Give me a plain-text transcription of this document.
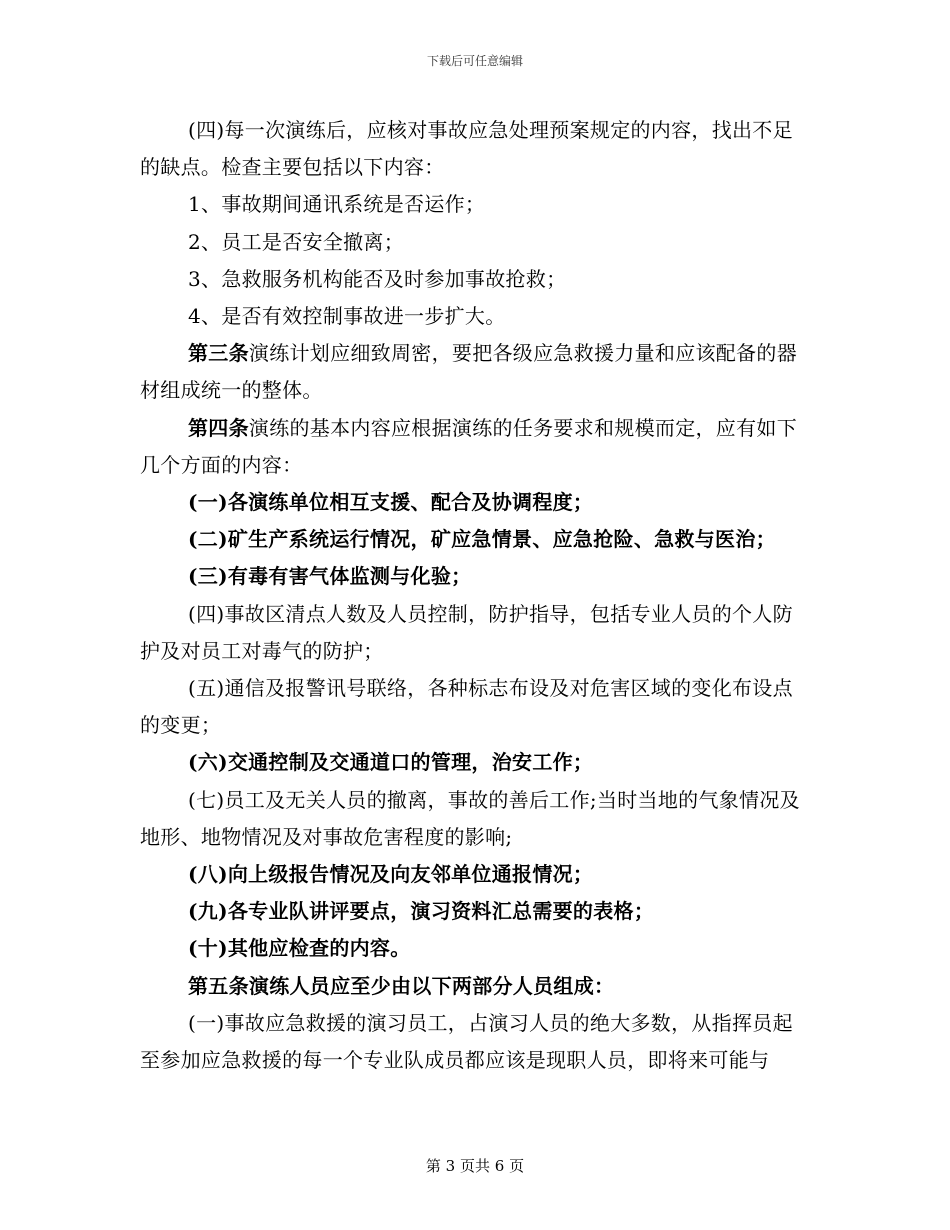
下载后可任意编辑

(四)每一次演练后，应核对事故应急处理预案规定的内容，找出不足的缺点。检查主要包括以下内容：

1、事故期间通讯系统是否运作；

2、员工是否安全撤离；

3、急救服务机构能否及时参加事故抢救；

4、是否有效控制事故进一步扩大。

第三条演练计划应细致周密，要把各级应急救援力量和应该配备的器材组成统一的整体。

第四条演练的基本内容应根据演练的任务要求和规模而定，应有如下几个方面的内容：

(一)各演练单位相互支援、配合及协调程度；

(二)矿生产系统运行情况，矿应急情景、应急抢险、急救与医治；

(三)有毒有害气体监测与化验；

(四)事故区清点人数及人员控制，防护指导，包括专业人员的个人防护及对员工对毒气的防护；

(五)通信及报警讯号联络，各种标志布设及对危害区域的变化布设点的变更；

(六)交通控制及交通道口的管理，治安工作；

(七)员工及无关人员的撤离，事故的善后工作;当时当地的气象情况及地形、地物情况及对事故危害程度的影响;

(八)向上级报告情况及向友邻单位通报情况；

(九)各专业队讲评要点，演习资料汇总需要的表格；

(十)其他应检查的内容。

第五条演练人员应至少由以下两部分人员组成：

(一)事故应急救援的演习员工，占演习人员的绝大多数，从指挥员起至参加应急救援的每一个专业队成员都应该是现职人员，即将来可能与

第 3 页共 6 页
